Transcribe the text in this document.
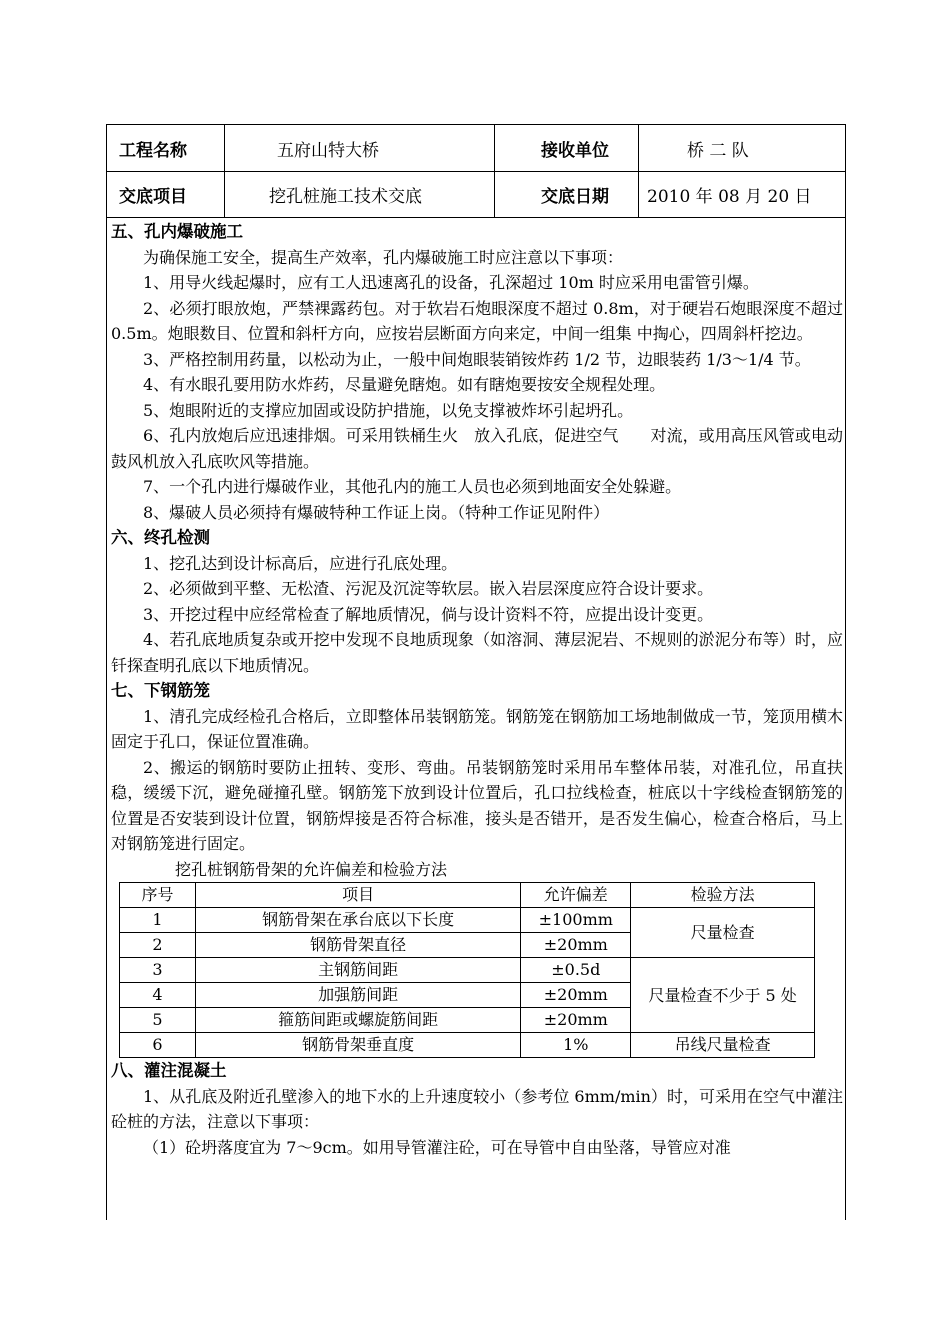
工程名称	五府山特大桥	接收单位	桥 二 队
交底项目	挖孔桩施工技术交底	交底日期	2010 年 08 月 20 日
五、孔内爆破施工
为确保施工安全，提高生产效率，孔内爆破施工时应注意以下事项：
1、用导火线起爆时，应有工人迅速离孔的设备，孔深超过 10m 时应采用电雷管引爆。
2、必须打眼放炮，严禁裸露药包。对于软岩石炮眼深度不超过 0.8m，对于硬岩石炮眼深度不超过 0.5m。炮眼数目、位置和斜杆方向，应按岩层断面方向来定，中间一组集 中掏心，四周斜杆挖边。
3、严格控制用药量，以松动为止，一般中间炮眼装销铵炸药 1/2 节，边眼装药 1/3～1/4 节。
4、有水眼孔要用防水炸药，尽量避免瞎炮。如有瞎炮要按安全规程处理。
5、炮眼附近的支撑应加固或设防护措施，以免支撑被炸坏引起坍孔。
6、孔内放炮后应迅速排烟。可采用铁桶生火　放入孔底，促进空气　　对流，或用高压风管或电动鼓风机放入孔底吹风等措施。
7、一个孔内进行爆破作业，其他孔内的施工人员也必须到地面安全处躲避。
8、爆破人员必须持有爆破特种工作证上岗。（特种工作证见附件）
六、终孔检测
1、挖孔达到设计标高后，应进行孔底处理。
2、必须做到平整、无松渣、污泥及沉淀等软层。嵌入岩层深度应符合设计要求。
3、开挖过程中应经常检查了解地质情况，倘与设计资料不符，应提出设计变更。
4、若孔底地质复杂或开挖中发现不良地质现象（如溶洞、薄层泥岩、不规则的淤泥分布等）时，应钎探查明孔底以下地质情况。
七、下钢筋笼
1、清孔完成经检孔合格后，立即整体吊装钢筋笼。钢筋笼在钢筋加工场地制做成一节，笼顶用横木固定于孔口，保证位置准确。
2、搬运的钢筋时要防止扭转、变形、弯曲。吊装钢筋笼时采用吊车整体吊装，对准孔位，吊直扶稳，缓缓下沉，避免碰撞孔壁。钢筋笼下放到设计位置后，孔口拉线检查，桩底以十字线检查钢筋笼的位置是否安装到设计位置，钢筋焊接是否符合标准，接头是否错开，是否发生偏心，检查合格后，马上对钢筋笼进行固定。
挖孔桩钢筋骨架的允许偏差和检验方法
序号	项目	允许偏差	检验方法
1	钢筋骨架在承台底以下长度	±100mm	尺量检查
2	钢筋骨架直径	±20mm	
3	主钢筋间距	±0.5d	尺量检查不少于 5 处
4	加强筋间距	±20mm	
5	箍筋间距或螺旋筋间距	±20mm	
6	钢筋骨架垂直度	1%	吊线尺量检查
八、灌注混凝土
1、从孔底及附近孔壁渗入的地下水的上升速度较小（参考位 6mm/min）时，可采用在空气中灌注砼桩的方法，注意以下事项：
（1）砼坍落度宜为 7～9cm。如用导管灌注砼，可在导管中自由坠落，导管应对准
